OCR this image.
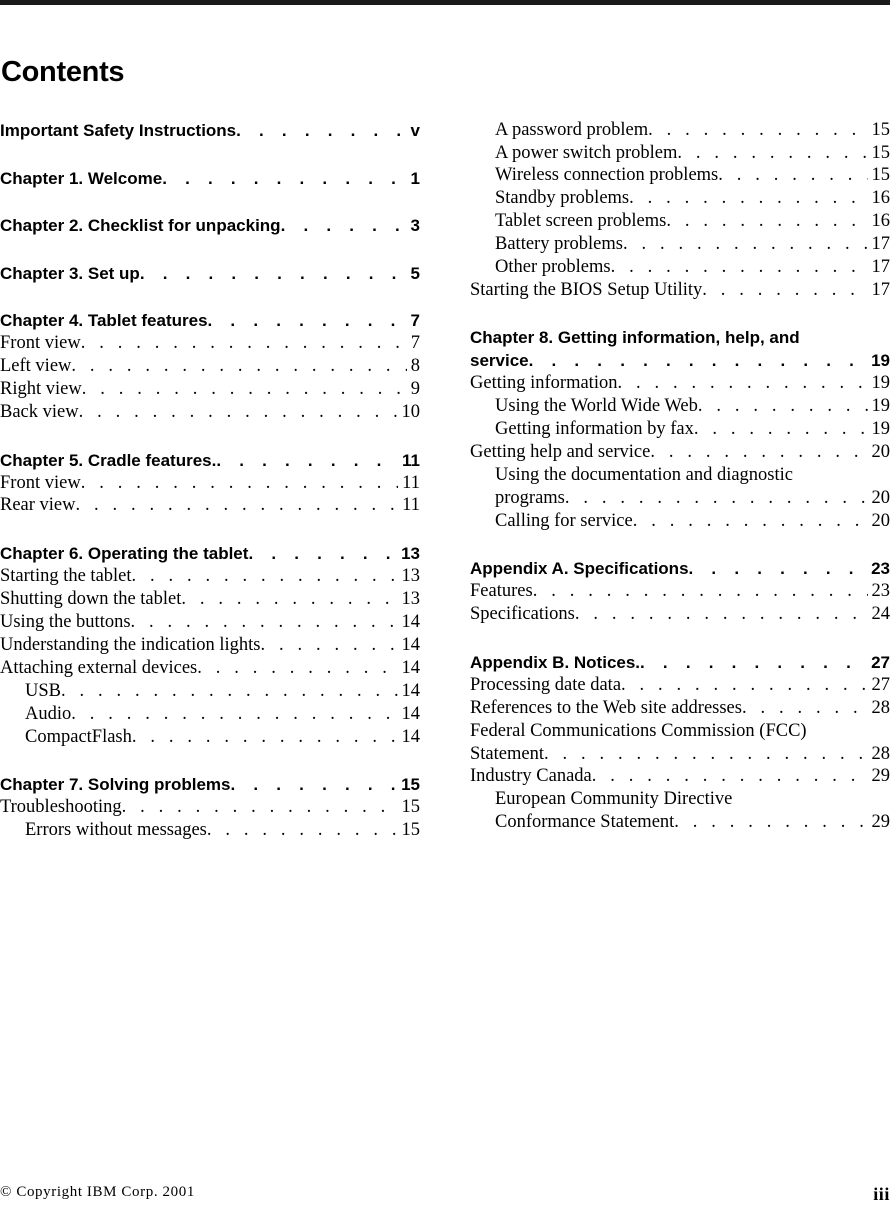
Contents
Important Safety Instructions .   .	v
Chapter 1. Welcome .   .	1
Chapter 2. Checklist for unpacking .   .	3
Chapter 3. Set up .   .	5
Chapter 4. Tablet features .   .	7
Front view .   .	7
Left view .   .	8
Right view .   .	9
Back view .   .	10
Chapter 5. Cradle features. .   .	11
Front view .   .	11
Rear view .   .	11
Chapter 6. Operating the tablet .   .	13
Starting the tablet .   .	13
Shutting down the tablet .   .	13
Using the buttons .   .	14
Understanding the indication lights .   .	14
Attaching external devices .   .	14
USB .   .	14
Audio .   .	14
CompactFlash .   .	14
Chapter 7. Solving problems .   .	15
Troubleshooting .   .	15
Errors without messages .   .	15
A password problem .   .	15
A power switch problem .   .	15
Wireless connection problems .   .	15
Standby problems .   .	16
Tablet screen problems .   .	16
Battery problems .   .	17
Other problems .   .	17
Starting the BIOS Setup Utility .   .	17
Chapter 8. Getting information, help, and
service .   .	19
Getting information .   .	19
Using the World Wide Web .   .	19
Getting information by fax .   .	19
Getting help and service .   .	20
Using the documentation and diagnostic
programs .   .	20
Calling for service .   .	20
Appendix A. Specifications .   .	23
Features .   .	23
Specifications .   .	24
Appendix B. Notices. .   .	27
Processing date data .   .	27
References to the Web site addresses .   .	28
Federal Communications Commission (FCC)
Statement .   .	28
Industry Canada .   .	29
European Community Directive
Conformance Statement .   .	29
© Copyright IBM Corp. 2001	iii
